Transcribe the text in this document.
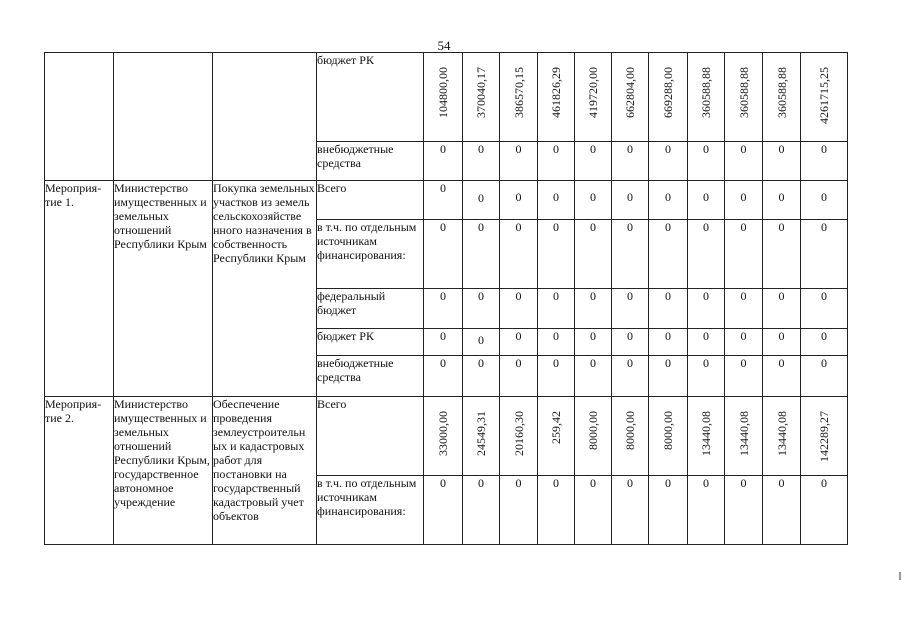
54
			бюджет РК	104800,00	370040,17	386570,15	461826,29	419720,00	662804,00	669288,00	360588,88	360588,88	360588,88	4261715,25

			внебюджетные средства	0	0	0	0	0	0	0	0	0	0	0
Мероприя-тие 1.	Министерство имущественных и земельных отношений Республики Крым	Покупка земельных участков из земель сельскохозяйстве нного назначения в собственность Республики Крым	Всего	0	0	0	0	0	0	0	0	0	0	0
			в т.ч. по отдельным источникам финансирования:	0	0	0	0	0	0	0	0	0	0	0
			федеральный бюджет	0	0	0	0	0	0	0	0	0	0	0
			бюджет РК	0	0	0	0	0	0	0	0	0	0	0
			внебюджетные средства	0	0	0	0	0	0	0	0	0	0	0
Мероприя-тие 2.	Министерство имущественных и земельных отношений Республики Крым, государственное автономное учреждение	Обеспечение проведения землеустроительн ых и кадастровых работ для постановки на государственный кадастровый учет объектов	Всего	33000,00	24549,31	20160,30	259,42	8000,00	8000,00	8000,00	13440,08	13440,08	13440,08	142289,27

			в т.ч. по отдельным источникам финансирования:	0	0	0	0	0	0	0	0	0	0	0
